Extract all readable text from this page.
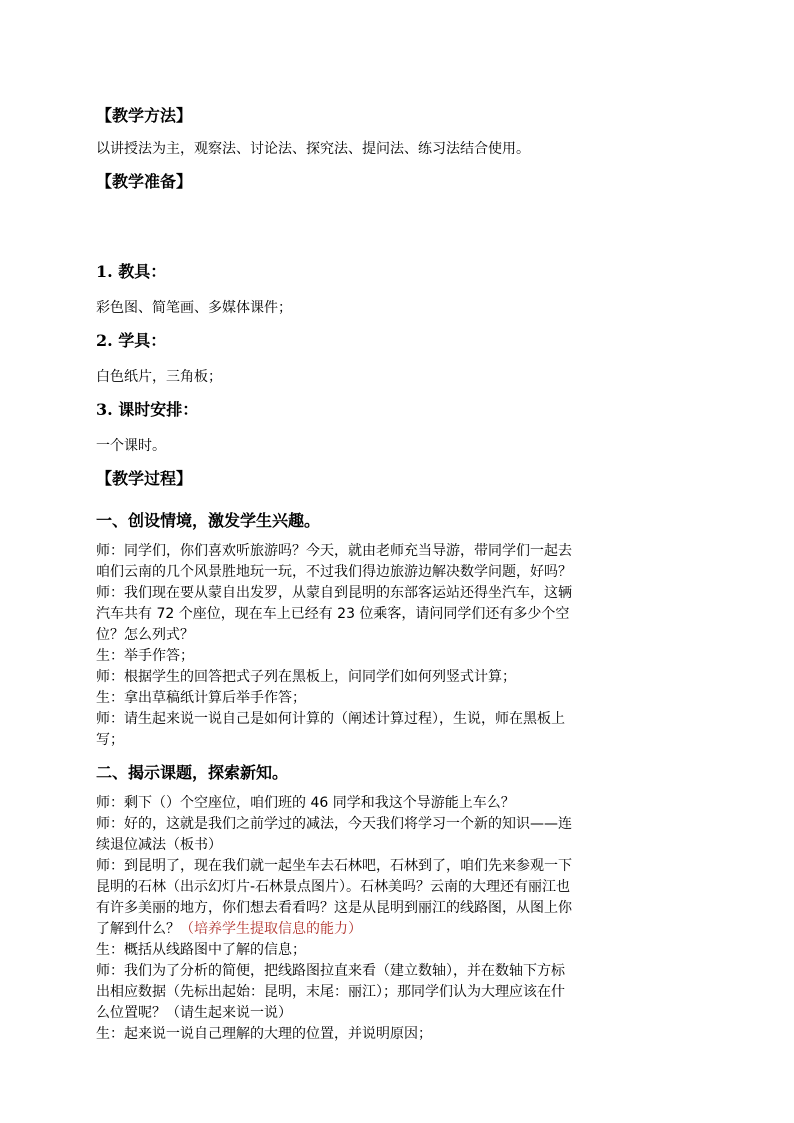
【教学方法】

以讲授法为主，观察法、讨论法、探究法、提问法、练习法结合使用。

【教学准备】

1. 教具：

彩色图、简笔画、多媒体课件；

2. 学具：

白色纸片，三角板；

3. 课时安排：

一个课时。

【教学过程】

一、创设情境，激发学生兴趣。

师：同学们，你们喜欢听旅游吗？今天，就由老师充当导游，带同学们一起去

咱们云南的几个风景胜地玩一玩，不过我们得边旅游边解决数学问题，好吗？

师：我们现在要从蒙自出发罗，从蒙自到昆明的东部客运站还得坐汽车，这辆

汽车共有 72 个座位，现在车上已经有 23 位乘客，请问同学们还有多少个空

位？怎么列式？

生：举手作答；

师：根据学生的回答把式子列在黑板上，问同学们如何列竖式计算；

生：拿出草稿纸计算后举手作答；

师：请生起来说一说自己是如何计算的（阐述计算过程），生说，师在黑板上

写；

二、揭示课题，探索新知。

师：剩下（）个空座位，咱们班的 46 同学和我这个导游能上车么？

师：好的，这就是我们之前学过的减法，今天我们将学习一个新的知识——连

续退位减法（板书）

师：到昆明了，现在我们就一起坐车去石林吧，石林到了，咱们先来参观一下

昆明的石林（出示幻灯片-石林景点图片）。石林美吗？云南的大理还有丽江也

有许多美丽的地方，你们想去看看吗？这是从昆明到丽江的线路图，从图上你

了解到什么？（培养学生提取信息的能力）

生：概括从线路图中了解的信息；

师：我们为了分析的简便，把线路图拉直来看（建立数轴），并在数轴下方标

出相应数据（先标出起始：昆明，末尾：丽江）；那同学们认为大理应该在什

么位置呢？（请生起来说一说）

生：起来说一说自己理解的大理的位置，并说明原因；
